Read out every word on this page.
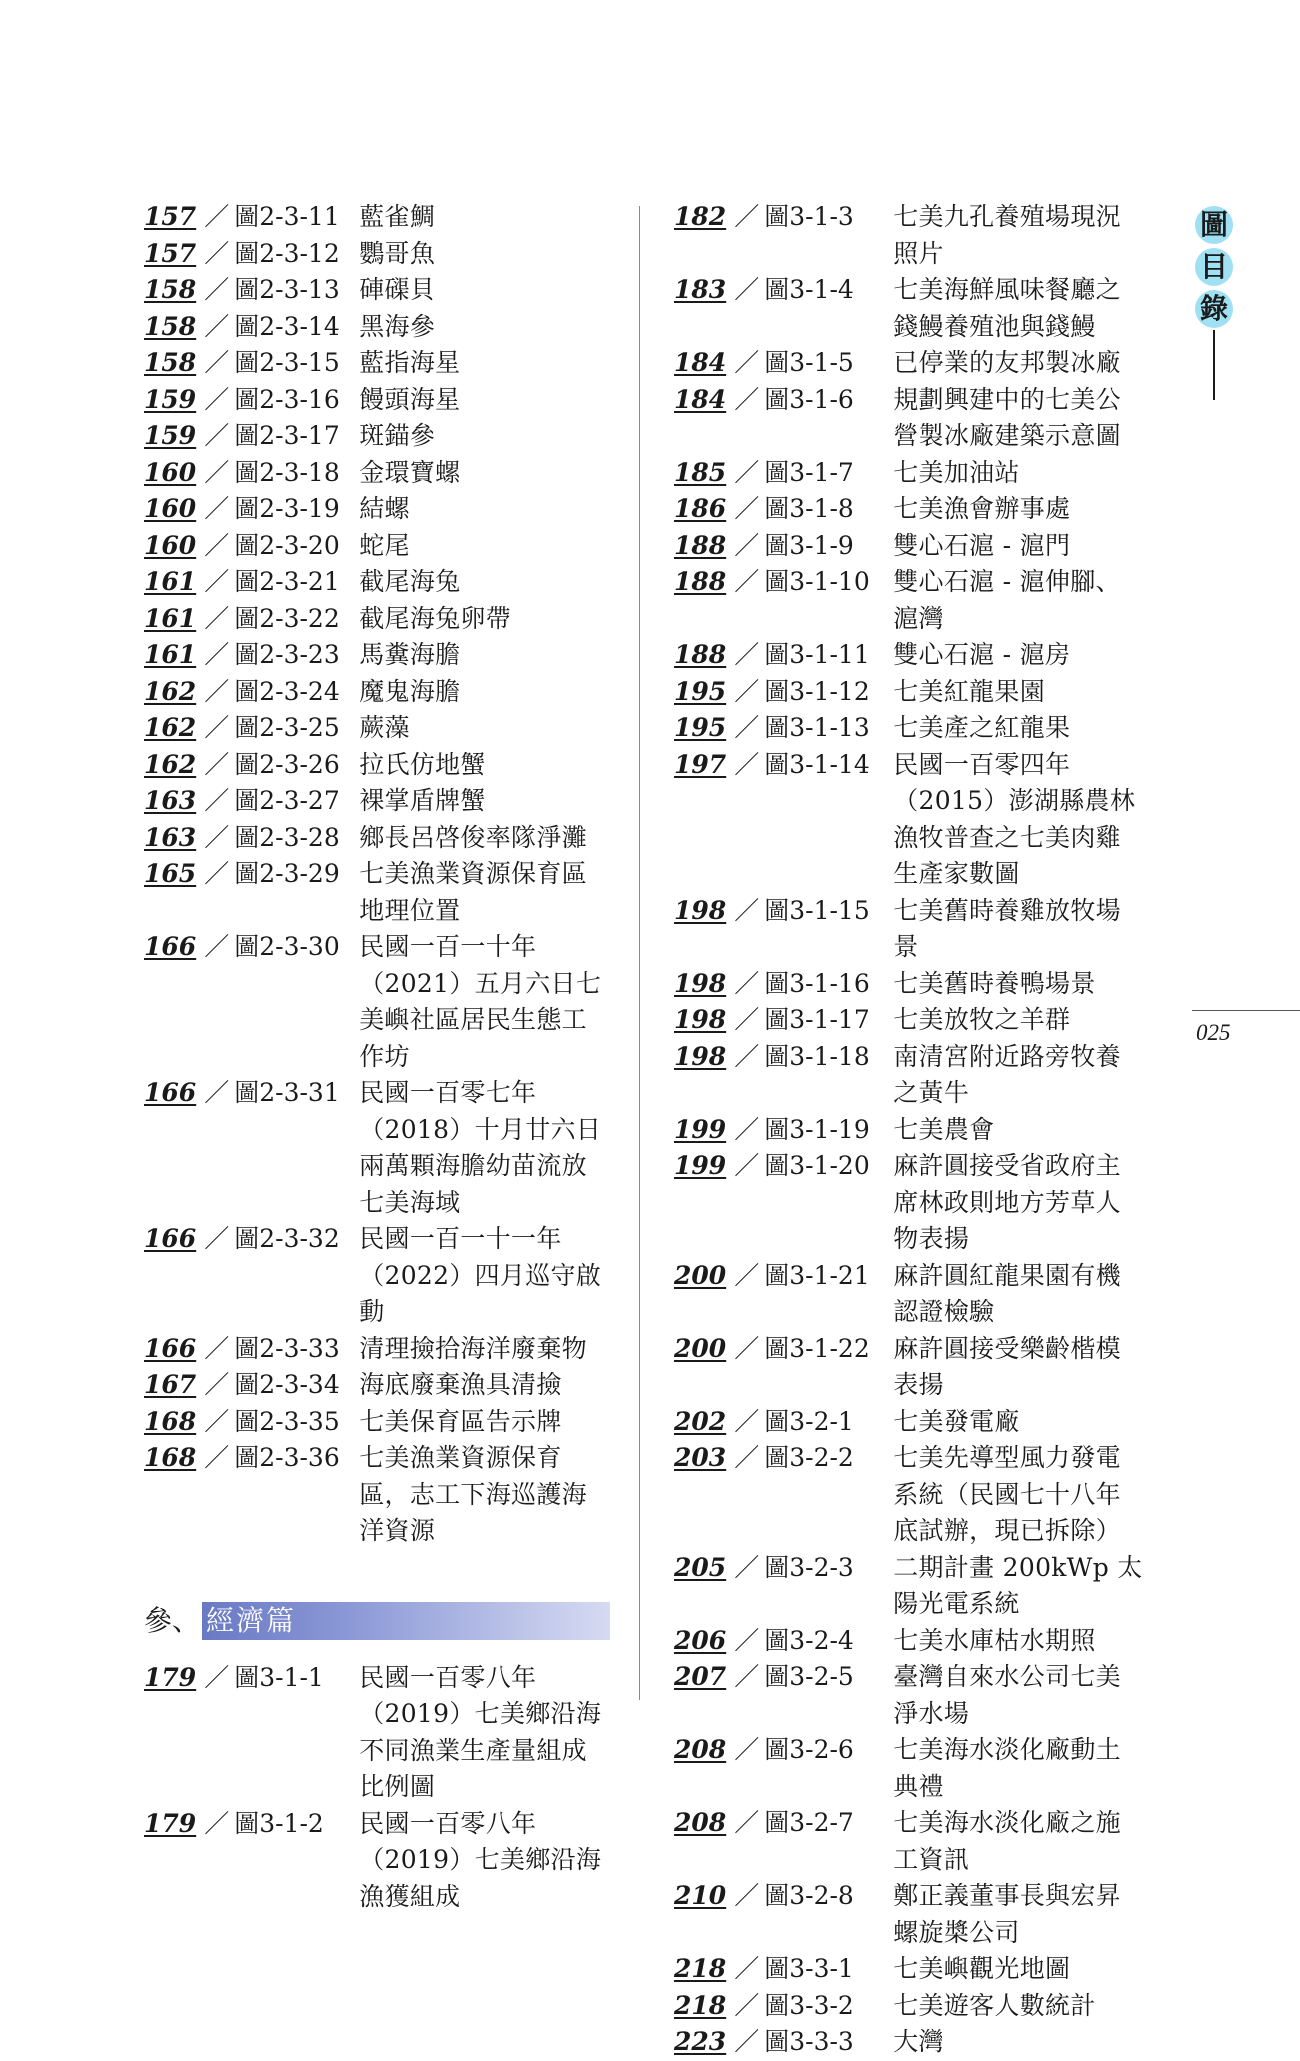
157 ／ 圖 2-3-11 藍雀鯛
157 ／ 圖 2-3-12 鸚哥魚
158 ／ 圖 2-3-13 硨磲貝
158 ／ 圖 2-3-14 黑海參
158 ／ 圖 2-3-15 藍指海星
159 ／ 圖 2-3-16 饅頭海星
159 ／ 圖 2-3-17 斑錨參
160 ／ 圖 2-3-18 金環寶螺
160 ／ 圖 2-3-19 結螺
160 ／ 圖 2-3-20 蛇尾
161 ／ 圖 2-3-21 截尾海兔
161 ／ 圖 2-3-22 截尾海兔卵帶
161 ／ 圖 2-3-23 馬糞海膽
162 ／ 圖 2-3-24 魔鬼海膽
162 ／ 圖 2-3-25 蕨藻
162 ／ 圖 2-3-26 拉氏仿地蟹
163 ／ 圖 2-3-27 裸掌盾牌蟹
163 ／ 圖 2-3-28 鄉長呂啓俊率隊淨灘
165 ／ 圖 2-3-29 七美漁業資源保育區地理位置
166 ／ 圖 2-3-30 民國一百一十年（2021）五月六日七美嶼社區居民生態工作坊
166 ／ 圖 2-3-31 民國一百零七年（2018）十月廿六日兩萬顆海膽幼苗流放七美海域
166 ／ 圖 2-3-32 民國一百一十一年（2022）四月巡守啟動
166 ／ 圖 2-3-33 清理撿拾海洋廢棄物
167 ／ 圖 2-3-34 海底廢棄漁具清撿
168 ／ 圖 2-3-35 七美保育區告示牌
168 ／ 圖 2-3-36 七美漁業資源保育區，志工下海巡護海洋資源
參、 經濟篇
179 ／ 圖 3-1-1	民國一百零八年（2019）七美鄉沿海不同漁業生產量組成比例圖
179 ／ 圖 3-1-2	民國一百零八年（2019）七美鄉沿海漁獲組成
182 ／ 圖 3-1-3	七美九孔養殖場現況照片
183 ／ 圖 3-1-4	七美海鮮風味餐廳之錢鰻養殖池與錢鰻
184 ／ 圖 3-1-5	已停業的友邦製冰廠
184 ／ 圖 3-1-6	規劃興建中的七美公營製冰廠建築示意圖
185 ／ 圖 3-1-7	七美加油站
186 ／ 圖 3-1-8	七美漁會辦事處
188 ／ 圖 3-1-9	雙心石滬 - 滬門
188 ／ 圖 3-1-10 雙心石滬 - 滬伸腳、滬灣
188 ／ 圖 3-1-11 雙心石滬 - 滬房
195 ／ 圖 3-1-12 七美紅龍果園
195 ／ 圖 3-1-13 七美產之紅龍果
197 ／ 圖 3-1-14 民國一百零四年（2015）澎湖縣農林漁牧普查之七美肉雞生產家數圖
198 ／ 圖 3-1-15 七美舊時養雞放牧場景
198 ／ 圖 3-1-16 七美舊時養鴨場景
198 ／ 圖 3-1-17 七美放牧之羊群
198 ／ 圖 3-1-18 南清宮附近路旁牧養之黃牛
199 ／ 圖 3-1-19 七美農會
199 ／ 圖 3-1-20 麻許圓接受省政府主席林政則地方芳草人物表揚
200 ／ 圖 3-1-21 麻許圓紅龍果園有機認證檢驗
200 ／ 圖 3-1-22 麻許圓接受樂齡楷模表揚
202 ／ 圖 3-2-1	七美發電廠
203 ／ 圖 3-2-2	七美先導型風力發電系統（民國七十八年底試辦，現已拆除）
205 ／ 圖 3-2-3	二期計畫 200kWp 太陽光電系統
206 ／ 圖 3-2-4	七美水庫枯水期照
207 ／ 圖 3-2-5	臺灣自來水公司七美淨水場
208 ／ 圖 3-2-6	七美海水淡化廠動土典禮
208 ／ 圖 3-2-7	七美海水淡化廠之施工資訊
210 ／ 圖 3-2-8	鄭正義董事長與宏昇螺旋槳公司
218 ／ 圖 3-3-1	七美嶼觀光地圖
218 ／ 圖 3-3-2	七美遊客人數統計
223 ／ 圖 3-3-3	大灣
圖
目
錄
025
